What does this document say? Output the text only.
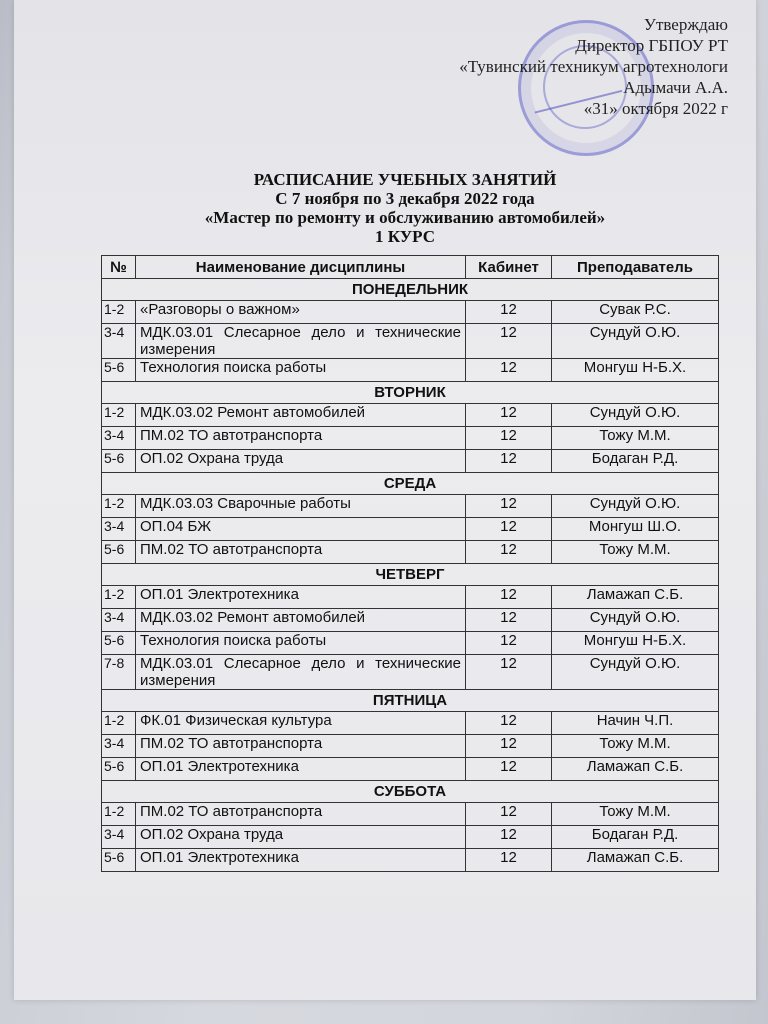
Утверждаю
Директор ГБПОУ РТ
«Тувинский техникум агротехнологи
Адымачи А.А.
«31» октября 2022 г
РАСПИСАНИЕ УЧЕБНЫХ ЗАНЯТИЙ
С 7 ноября по 3 декабря 2022 года
«Мастер по ремонту и обслуживанию автомобилей»
1 КУРС
№	Наименование дисциплины	Кабинет	Преподаватель
ПОНЕДЕЛЬНИК			
1-2	«Разговоры о важном»	12	Сувак Р.С.
3-4	МДК.03.01 Слесарное дело и технические измерения	12	Сундуй О.Ю.
5-6	Технология поиска работы	12	Монгуш Н-Б.Х.
ВТОРНИК			
1-2	МДК.03.02 Ремонт автомобилей	12	Сундуй О.Ю.
3-4	ПМ.02 ТО автотранспорта	12	Тожу М.М.
5-6	ОП.02 Охрана труда	12	Бодаган Р.Д.
СРЕДА			
1-2	МДК.03.03 Сварочные работы	12	Сундуй О.Ю.
3-4	ОП.04 БЖ	12	Монгуш Ш.О.
5-6	ПМ.02 ТО автотранспорта	12	Тожу М.М.
ЧЕТВЕРГ			
1-2	ОП.01 Электротехника	12	Ламажап С.Б.
3-4	МДК.03.02 Ремонт автомобилей	12	Сундуй О.Ю.
5-6	Технология поиска работы	12	Монгуш Н-Б.Х.
7-8	МДК.03.01 Слесарное дело и технические измерения	12	Сундуй О.Ю.
ПЯТНИЦА			
1-2	ФК.01 Физическая культура	12	Начин Ч.П.
3-4	ПМ.02 ТО автотранспорта	12	Тожу М.М.
5-6	ОП.01 Электротехника	12	Ламажап С.Б.
СУББОТА			
1-2	ПМ.02 ТО автотранспорта	12	Тожу М.М.
3-4	ОП.02 Охрана труда	12	Бодаган Р.Д.
5-6	ОП.01 Электротехника	12	Ламажап С.Б.
